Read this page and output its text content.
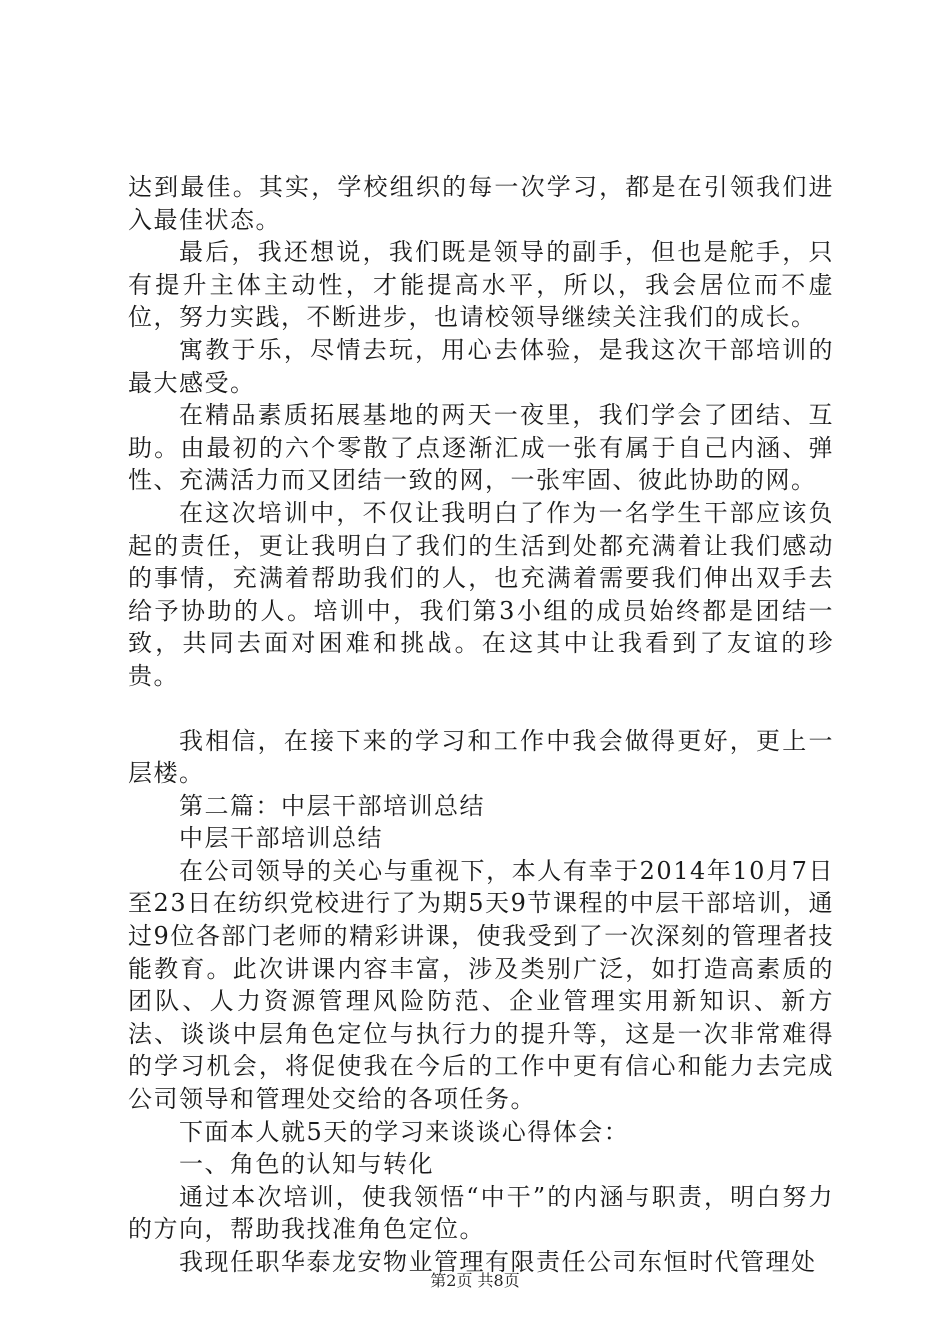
达到最佳。其实，学校组织的每一次学习，都是在引领我们进入最佳状态。

最后，我还想说，我们既是领导的副手，但也是舵手，只有提升主体主动性，才能提高水平，所以，我会居位而不虚位，努力实践，不断进步，也请校领导继续关注我们的成长。

寓教于乐，尽情去玩，用心去体验，是我这次干部培训的最大感受。

在精品素质拓展基地的两天一夜里，我们学会了团结、互助。由最初的六个零散了点逐渐汇成一张有属于自己内涵、弹性、充满活力而又团结一致的网，一张牢固、彼此协助的网。

在这次培训中，不仅让我明白了作为一名学生干部应该负起的责任，更让我明白了我们的生活到处都充满着让我们感动的事情，充满着帮助我们的人，也充满着需要我们伸出双手去给予协助的人。培训中，我们第3小组的成员始终都是团结一致，共同去面对困难和挑战。在这其中让我看到了友谊的珍贵。

我相信，在接下来的学习和工作中我会做得更好，更上一层楼。

第二篇：中层干部培训总结

中层干部培训总结

在公司领导的关心与重视下，本人有幸于2014年10月7日至23日在纺织党校进行了为期5天9节课程的中层干部培训，通过9位各部门老师的精彩讲课，使我受到了一次深刻的管理者技能教育。此次讲课内容丰富，涉及类别广泛，如打造高素质的团队、人力资源管理风险防范、企业管理实用新知识、新方法、谈谈中层角色定位与执行力的提升等，这是一次非常难得的学习机会，将促使我在今后的工作中更有信心和能力去完成公司领导和管理处交给的各项任务。

下面本人就5天的学习来谈谈心得体会：

一、角色的认知与转化

通过本次培训，使我领悟“中干”的内涵与职责，明白努力的方向，帮助我找准角色定位。

我现任职华泰龙安物业管理有限责任公司东恒时代管理处

第2页 共8页
